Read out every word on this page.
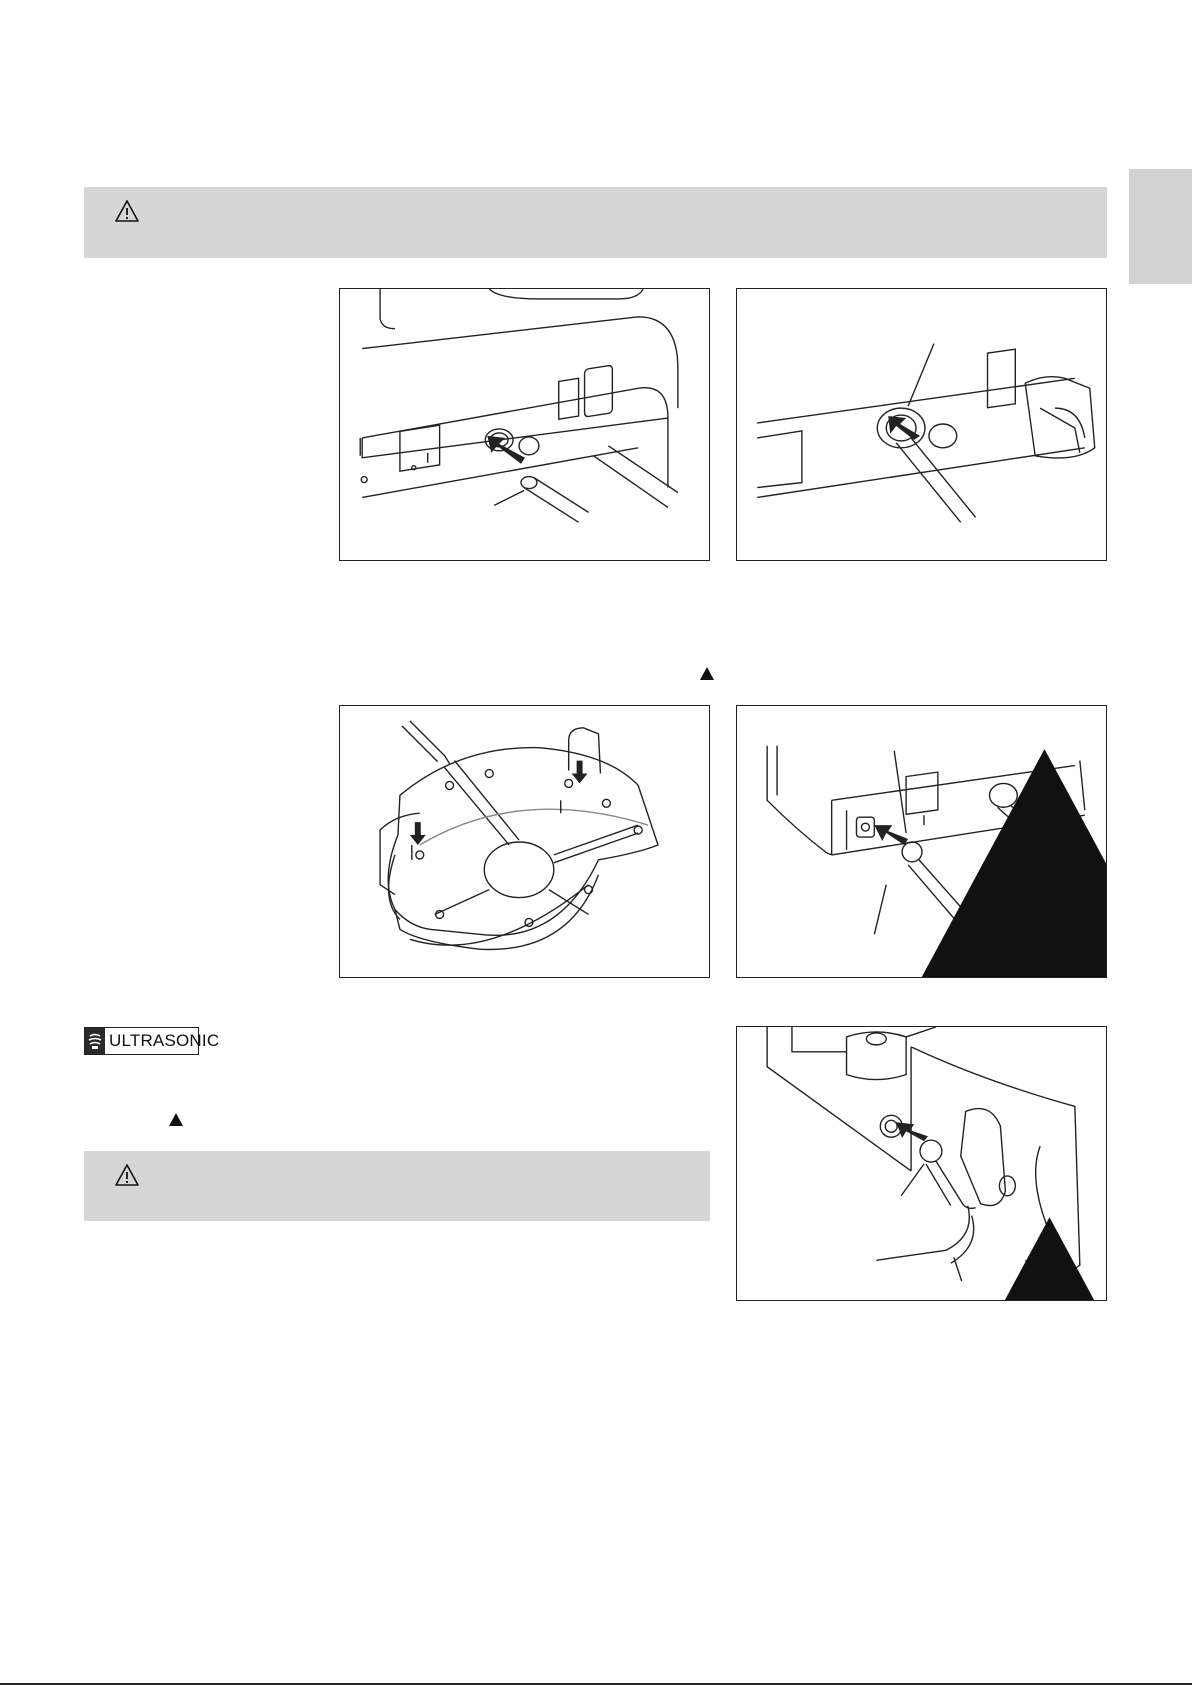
ULTRASONIC
